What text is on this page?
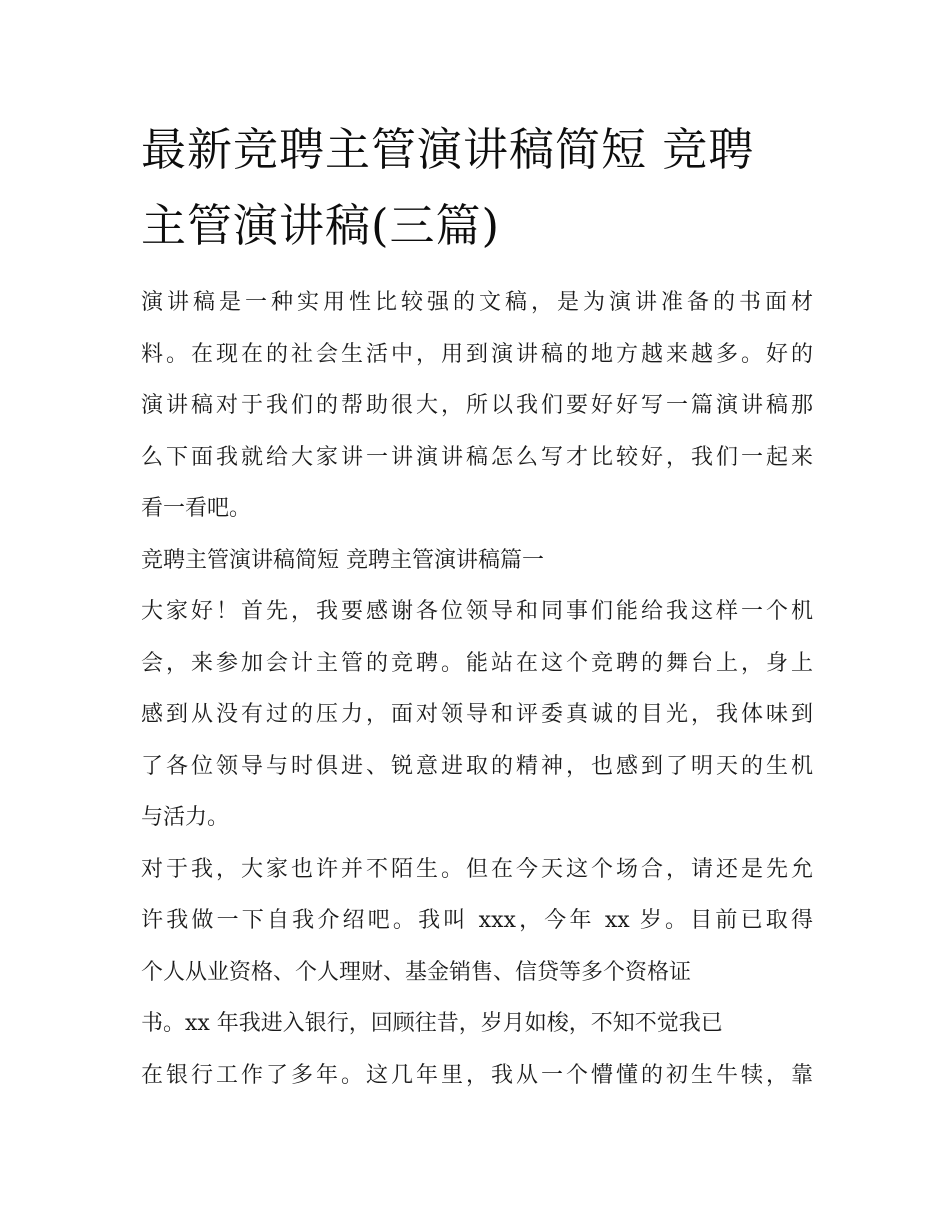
最新竞聘主管演讲稿简短 竞聘
主管演讲稿(三篇)
演讲稿是一种实用性比较强的文稿，是为演讲准备的书面材
料。在现在的社会生活中，用到演讲稿的地方越来越多。好的
演讲稿对于我们的帮助很大，所以我们要好好写一篇演讲稿那
么下面我就给大家讲一讲演讲稿怎么写才比较好，我们一起来
看一看吧。
竞聘主管演讲稿简短 竞聘主管演讲稿篇一
大家好！首先，我要感谢各位领导和同事们能给我这样一个机
会，来参加会计主管的竞聘。能站在这个竞聘的舞台上，身上
感到从没有过的压力，面对领导和评委真诚的目光，我体味到
了各位领导与时俱进、锐意进取的精神，也感到了明天的生机
与活力。
对于我，大家也许并不陌生。但在今天这个场合，请还是先允
许我做一下自我介绍吧。我叫 xxx，今年 xx 岁。目前已取得
个人从业资格、个人理财、基金销售、信贷等多个资格证
书。xx 年我进入银行，回顾往昔，岁月如梭，不知不觉我已
在银行工作了多年。这几年里，我从一个懵懂的初生牛犊，靠
